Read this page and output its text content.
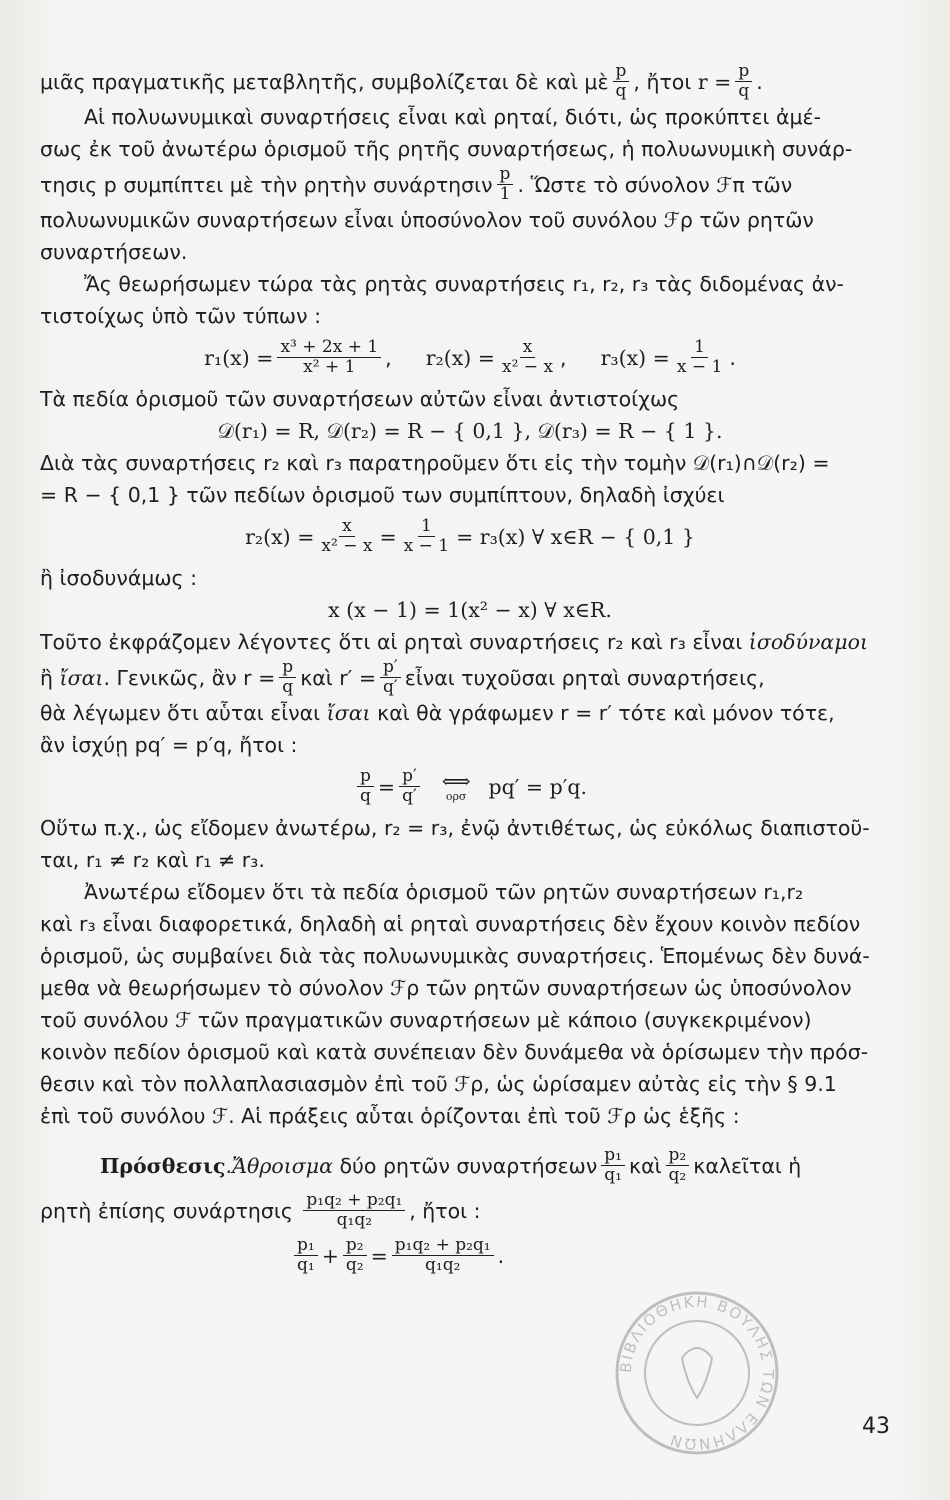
μιᾶς πραγματικῆς μεταβλητῆς, συμβολίζεται δὲ καὶ μὲ $\frac{p}{q}$ , ἤτοι
$r = \frac{p}{q}$ .

Αἱ πολυωνυμικαὶ συναρτήσεις εἶναι καὶ ρηταί, διότι, ὡς προκύπτει ἀμέ-

σως ἐκ τοῦ ἀνωτέρω ὁρισμοῦ τῆς ρητῆς συναρτήσεως, ἡ πολυωνυμικὴ συνάρ-

τησις p συμπίπτει μὲ τὴν ρητὴν συνάρτησιν $\frac{p}{1}$ . Ὥστε τὸ σύνολον ℱπ τῶν

πολυωνυμικῶν συναρτήσεων εἶναι ὑποσύνολον τοῦ συνόλου ℱρ τῶν ρητῶν

συναρτήσεων.

Ἄς θεωρήσωμεν τώρα τὰς ρητὰς συναρτήσεις r₁, r₂, r₃ τὰς διδομένας ἀν-

τιστοίχως ὑπὸ τῶν τύπων :

$r_1(x) = \frac{\text{x³ + 2x + 1}}{\text{x² + 1}}$ , $r_2(x) = \frac{x}{\text{x² − x}}$ , $r_3(x) = \frac{1}{x - 1}$ .

Τὰ πεδία ὁρισμοῦ τῶν συναρτήσεων αὐτῶν εἶναι ἀντιστοίχως

𝒟(r₁) = R, 𝒟(r₂) = R − { 0,1 }, 𝒟(r₃) = R − { 1 }.

Διὰ τὰς συναρτήσεις r₂ καὶ r₃ παρατηροῦμεν ὅτι εἰς τὴν τομὴν 𝒟(r₁)∩𝒟(r₂) =

= R − { 0,1 } τῶν πεδίων ὁρισμοῦ των συμπίπτουν, δηλαδὴ ἰσχύει

$r_2(x) = \frac{x}{\text{x² − x}} = \frac{1}{x - 1} = r_3(x)$ ∀ x∈R − { 0,1 }

ἢ ἰσοδυνάμως :

x (x − 1) = 1(x² − x) ∀ x∈R.

Τοῦτο ἐκφράζομεν λέγοντες ὅτι αἱ ρηταὶ συναρτήσεις r₂ καὶ r₃ εἶναι ἰσοδύναμοι

ἢ
ἴσαι . Γενικῶς, ἂν $r = \frac{p}{q}$ καὶ $r' = \frac{p'}{q'}$ εἶναι τυχοῦσαι ρηταὶ συναρτήσεις,

θὰ λέγωμεν ὅτι αὗται εἶναι ἴσαι καὶ θὰ γράφωμεν r = r′ τότε καὶ μόνον τότε,

ἂν ἰσχύῃ pq′ = p′q, ἤτοι :

$\frac{p}{q} = \frac{p'}{q'}$	⟺
ορσ pq′ = p′q.

Οὕτω π.χ., ὡς εἴδομεν ἀνωτέρω, r₂ = r₃, ἐνῷ ἀντιθέτως, ὡς εὐκόλως διαπιστοῦ-

ται, r₁ ≠ r₂ καὶ r₁ ≠ r₃.

Ἀνωτέρω εἴδομεν ὅτι τὰ πεδία ὁρισμοῦ τῶν ρητῶν συναρτήσεων r₁,r₂

καὶ r₃ εἶναι διαφορετικά, δηλαδὴ αἱ ρηταὶ συναρτήσεις δὲν ἔχουν κοινὸν πεδίον

ὁρισμοῦ, ὡς συμβαίνει διὰ τὰς πολυωνυμικὰς συναρτήσεις. Ἑπομένως δὲν δυνά-

μεθα νὰ θεωρήσωμεν τὸ σύνολον ℱρ τῶν ρητῶν συναρτήσεων ὡς ὑποσύνολον

τοῦ συνόλου ℱ τῶν πραγματικῶν συναρτήσεων μὲ κάποιο (συγκεκριμένον)

κοινὸν πεδίον ὁρισμοῦ καὶ κατὰ συνέπειαν δὲν δυνάμεθα νὰ ὁρίσωμεν τὴν πρόσ-

θεσιν καὶ τὸν πολλαπλασιασμὸν ἐπὶ τοῦ ℱρ, ὡς ὡρίσαμεν αὐτὰς εἰς τὴν § 9.1

ἐπὶ τοῦ συνόλου ℱ. Αἱ πράξεις αὗται ὁρίζονται ἐπὶ τοῦ ℱρ ὡς ἑξῆς :

Πρόσθεσις . Ἄθροισμα
δύο ρητῶν συναρτήσεων $\frac{\text{p₁}}{\text{q₁}}$ καὶ $\frac{\text{p₂}}{\text{q₂}}$ καλεῖται ἡ
ρητὴ ἐπίσης συνάρτησις
$\frac{\text{p₁q₂ + p₂q₁}}{\text{q₁q₂}}$ , ἤτοι :
$\frac{\text{p₁}}{\text{q₁}} + \frac{\text{p₂}}{\text{q₂}} = \frac{\text{p₁q₂ + p₂q₁}}{\text{q₁q₂}}$ .
ΒΙΒΛΙΟΘΗΚΗ ΒΟΥΛΗΣ ΤΩΝ ΕΛΛΗΝΩΝ
43
